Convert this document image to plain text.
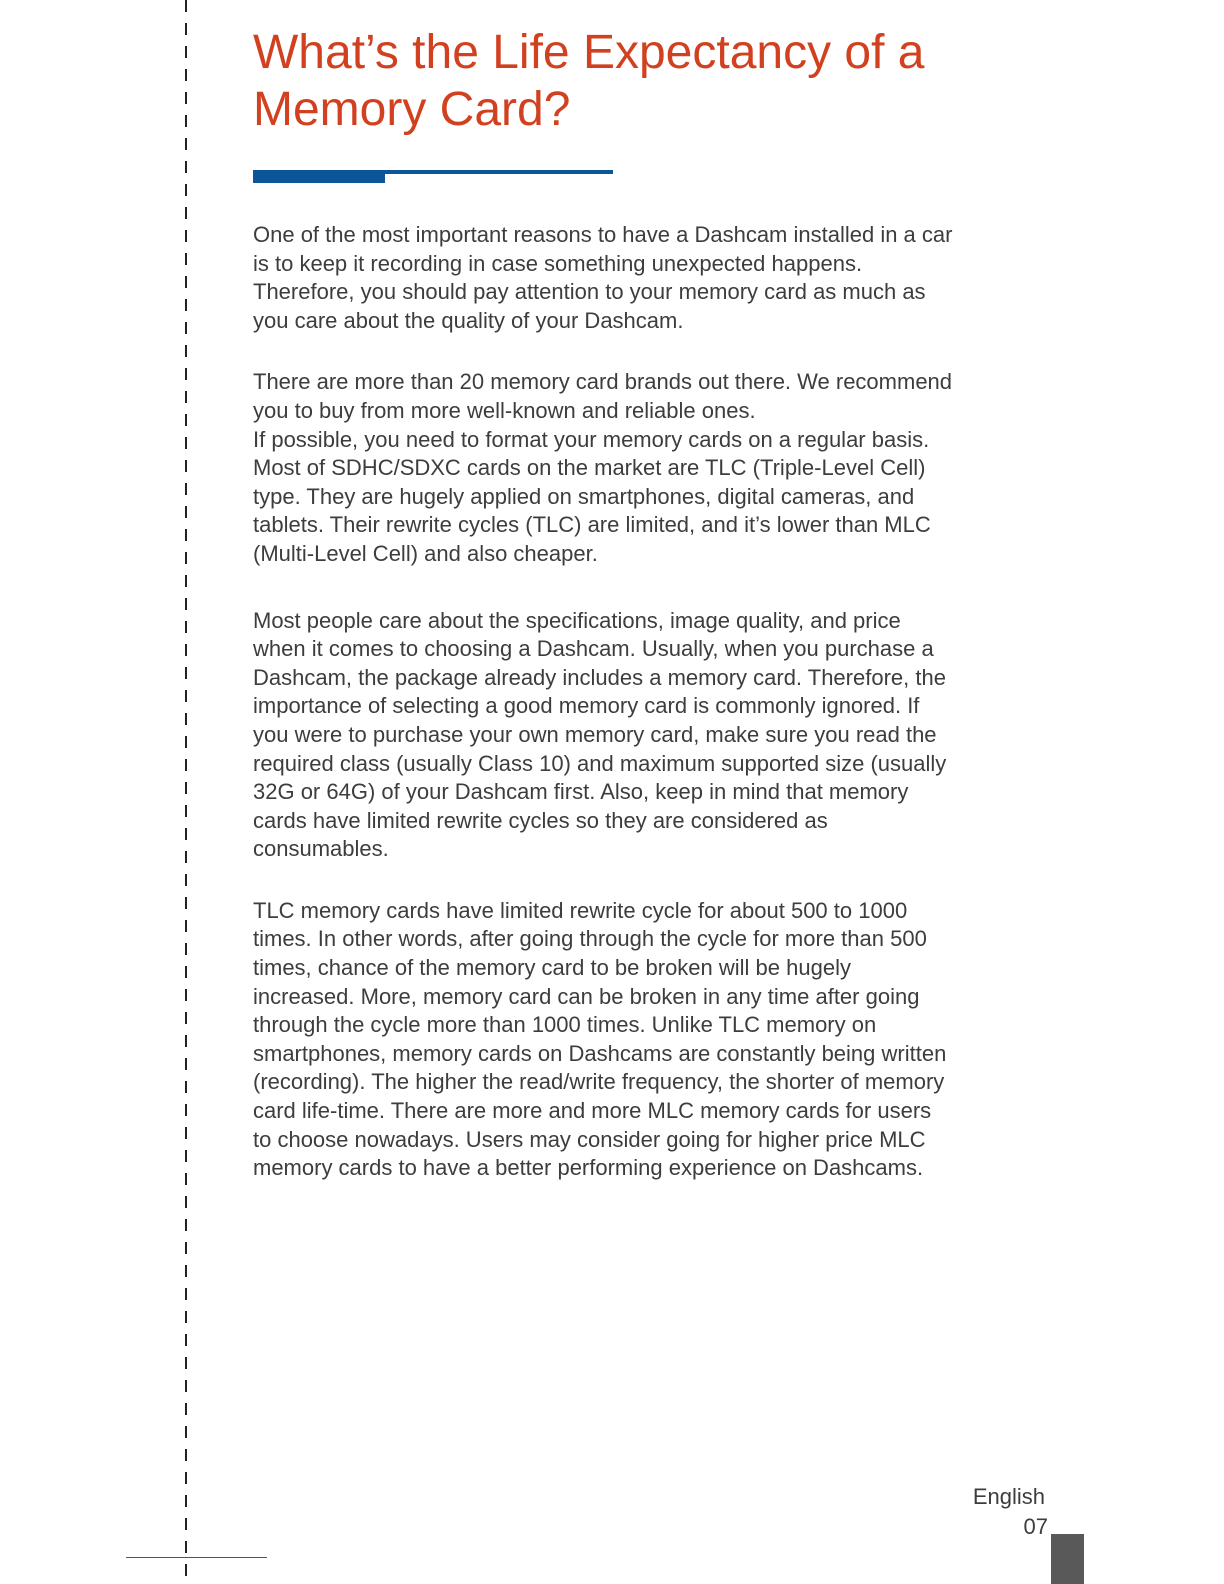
What’s the Life Expectancy of a
Memory Card?

One of the most important reasons to have a Dashcam installed in a car
is to keep it recording in case something unexpected happens.
Therefore, you should pay attention to your memory card as much as
you care about the quality of your Dashcam.

There are more than 20 memory card brands out there. We recommend
you to buy from more well-known and reliable ones.
If possible, you need to format your memory cards on a regular basis.
Most of SDHC/SDXC cards on the market are TLC (Triple-Level Cell)
type. They are hugely applied on smartphones, digital cameras, and
tablets. Their rewrite cycles (TLC) are limited, and it’s lower than MLC
(Multi-Level Cell) and also cheaper.

Most people care about the specifications, image quality, and price
when it comes to choosing a Dashcam. Usually, when you purchase a
Dashcam, the package already includes a memory card. Therefore, the
importance of selecting a good memory card is commonly ignored. If
you were to purchase your own memory card, make sure you read the
required class (usually Class 10) and maximum supported size (usually
32G or 64G) of your Dashcam first. Also, keep in mind that memory
cards have limited rewrite cycles so they are considered as
consumables.

TLC memory cards have limited rewrite cycle for about 500 to 1000
times. In other words, after going through the cycle for more than 500
times, chance of the memory card to be broken will be hugely
increased. More, memory card can be broken in any time after going
through the cycle more than 1000 times. Unlike TLC memory on
smartphones, memory cards on Dashcams are constantly being written
(recording). The higher the read/write frequency, the shorter of memory
card life-time. There are more and more MLC memory cards for users
to choose nowadays. Users may consider going for higher price MLC
memory cards to have a better performing experience on Dashcams.

English
07
